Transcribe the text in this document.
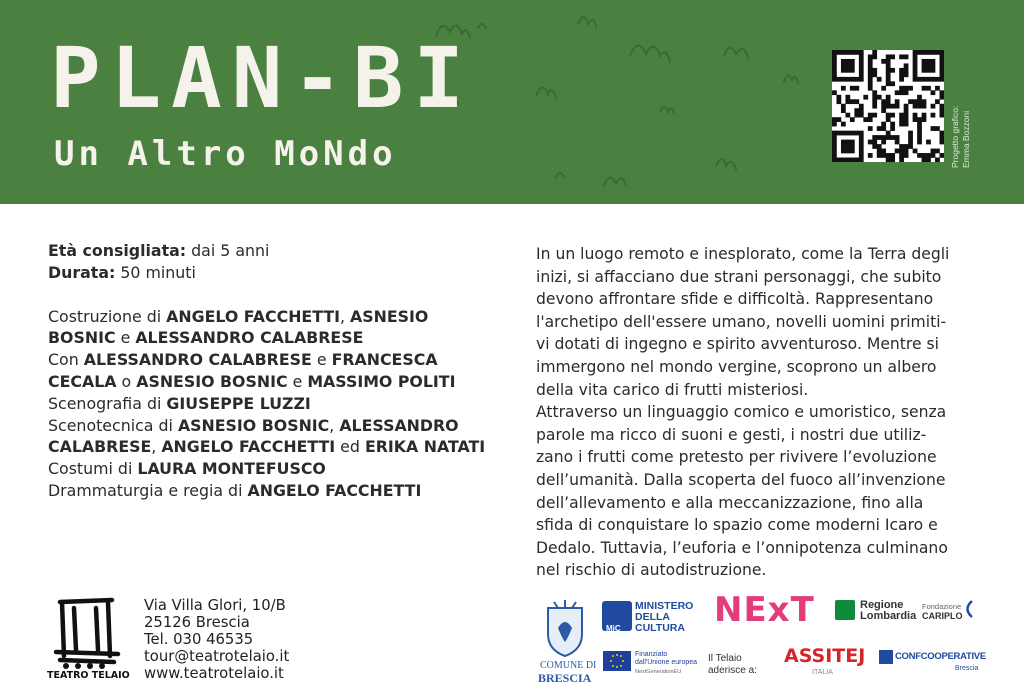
PLAN-BI
Un Altro MoNdo	Progetto grafico: Emma Bozzoni
Età consigliata: dai 5 anni
Durata: 50 minuti
Costruzione di ANGELO FACCHETTI, ASNESIO
BOSNIC e ALESSANDRO CALABRESE
Con ALESSANDRO CALABRESE e FRANCESCA
CECALA o ASNESIO BOSNIC e MASSIMO POLITI
Scenografia di GIUSEPPE LUZZI
Scenotecnica di ASNESIO BOSNIC, ALESSANDRO
CALABRESE, ANGELO FACCHETTI ed ERIKA NATATI
Costumi di LAURA MONTEFUSCO
Drammaturgia e regia di ANGELO FACCHETTI
In un luogo remoto e inesplorato, come la Terra degli
inizi, si affacciano due strani personaggi, che subito
devono affrontare sfide e difficoltà. Rappresentano
l'archetipo dell'essere umano, novelli uomini primiti-
vi dotati di ingegno e spirito avventuroso. Mentre si
immergono nel mondo vergine, scoprono un albero
della vita carico di frutti misteriosi.
Attraverso un linguaggio comico e umoristico, senza
parole ma ricco di suoni e gesti, i nostri due utiliz-
zano i frutti come pretesto per rivivere l’evoluzione
dell’umanità. Dalla scoperta del fuoco all’invenzione
dell’allevamento e alla meccanizzazione, fino alla
sfida di conquistare lo spazio come moderni Icaro e
Dedalo. Tuttavia, l’euforia e l’onnipotenza culminano
nel rischio di autodistruzione.
TEATRO TELAIO
Via Villa Glori, 10/B
25126 Brescia
Tel. 030 46535
tour@teatrotelaio.it
www.teatrotelaio.it	COMUNE DI
BRESCIA
MiC
MINISTERO
DELLA
CULTURA NExT	Regione
Lombardia
Fondazione
CARIPLO
Finanziato
dall'Unione europea
NextGenerationEU
Il Telaio
aderisce a:
ASSITEJ
ITALIA
CONFCOOPERATIVE
Brescia
